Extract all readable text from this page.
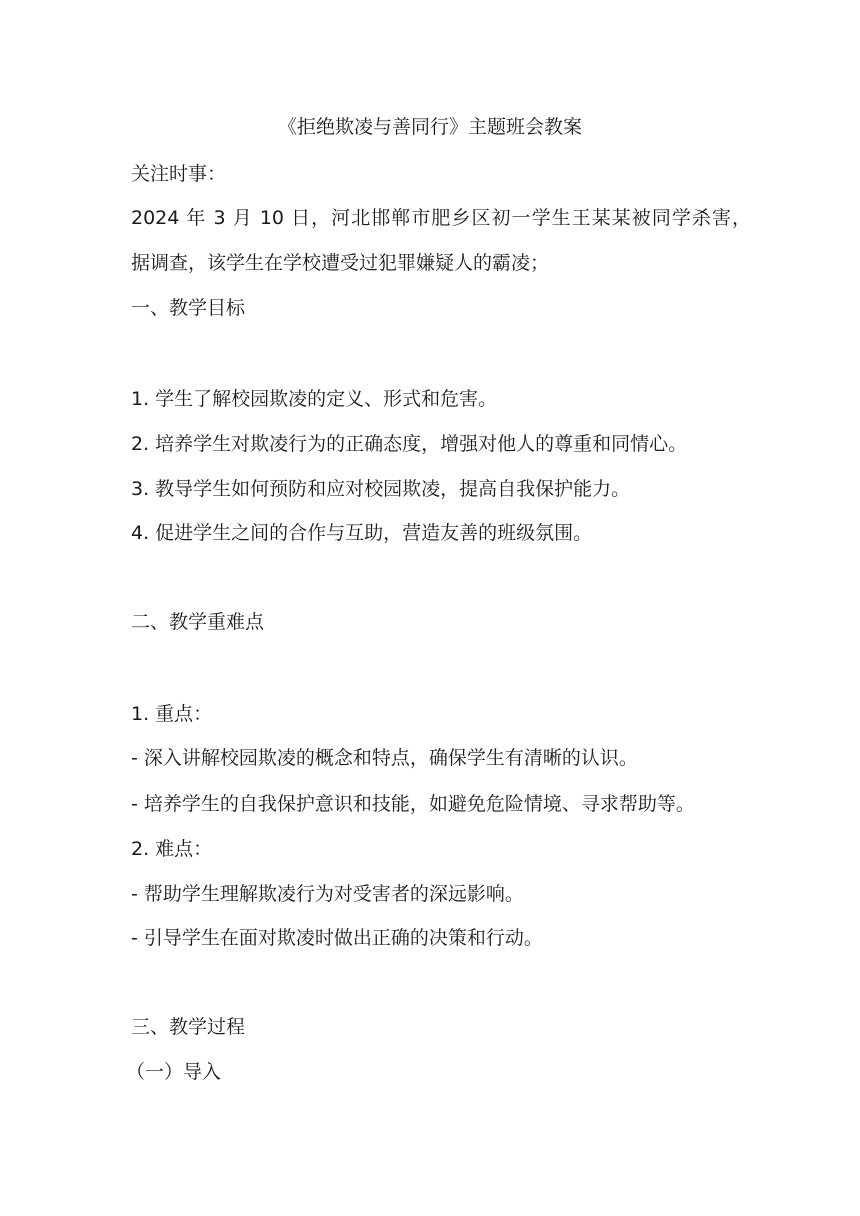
《拒绝欺凌与善同行》主题班会教案
关注时事：
2024 年 3 月 10 日，河北邯郸市肥乡区初一学生王某某被同学杀害，
据调查，该学生在学校遭受过犯罪嫌疑人的霸凌；
一、教学目标
1. 学生了解校园欺凌的定义、形式和危害。
2. 培养学生对欺凌行为的正确态度，增强对他人的尊重和同情心。
3. 教导学生如何预防和应对校园欺凌，提高自我保护能力。
4. 促进学生之间的合作与互助，营造友善的班级氛围。
二、教学重难点
1. 重点：
- 深入讲解校园欺凌的概念和特点，确保学生有清晰的认识。
- 培养学生的自我保护意识和技能，如避免危险情境、寻求帮助等。
2. 难点：
- 帮助学生理解欺凌行为对受害者的深远影响。
- 引导学生在面对欺凌时做出正确的决策和行动。
三、教学过程
（一）导入
